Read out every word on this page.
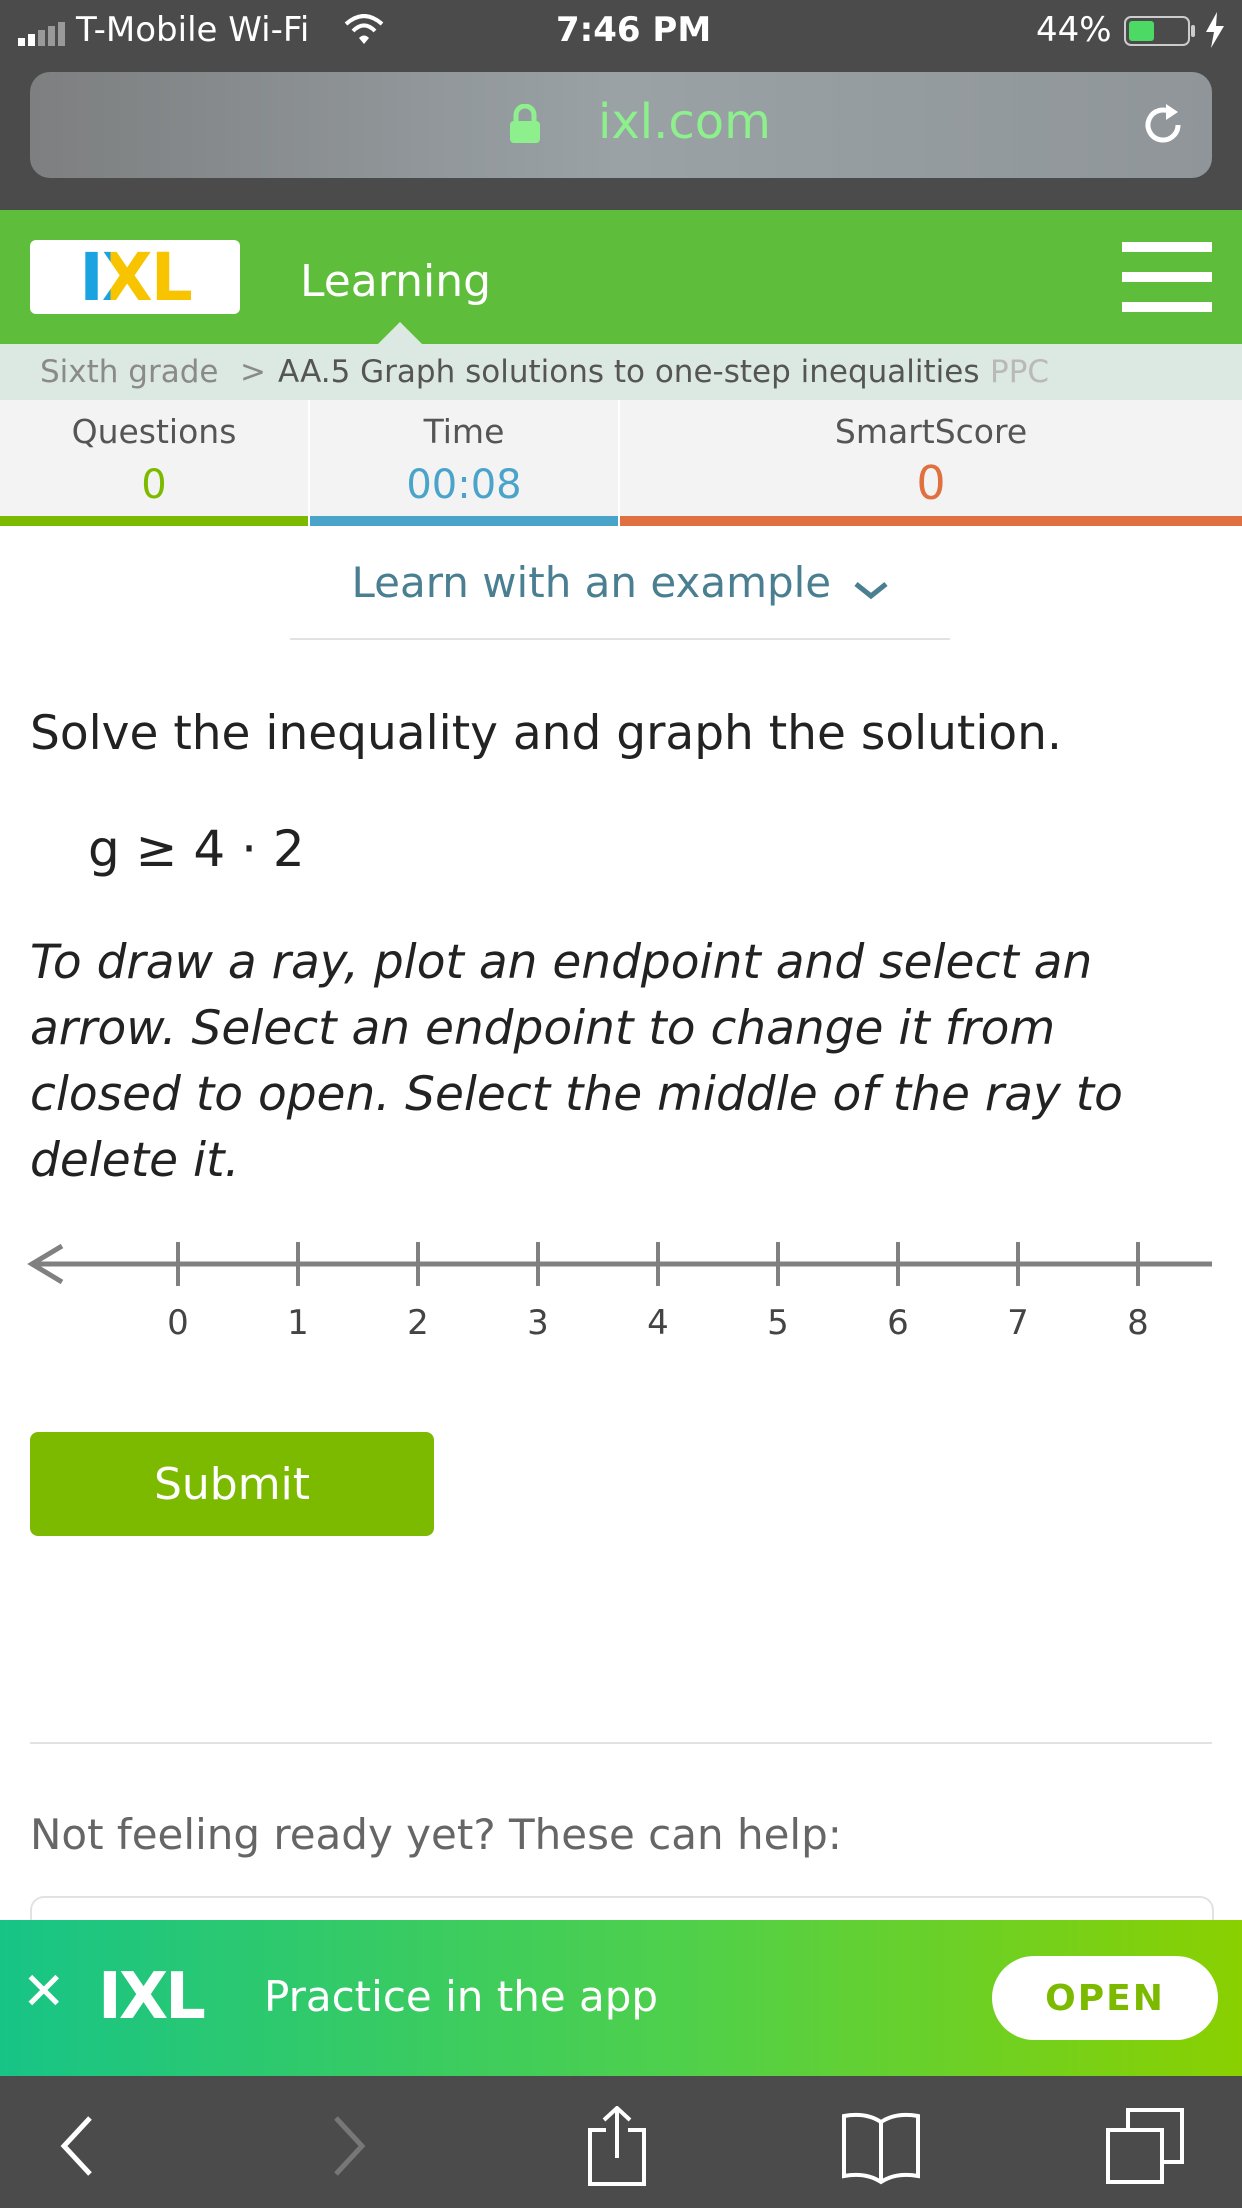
T-Mobile Wi-Fi	7:46 PM	44%
ixl.com
IXL Learning
Sixth grade > AA.5 Graph solutions to one-step inequalities PPC
Questions
0
Time
00:08
SmartScore
0
Learn with an example
Solve the inequality and graph the solution.
g ≥ 4 · 2
To draw a ray, plot an endpoint and select an arrow. Select an endpoint to change it from closed to open. Select the middle of the ray to delete it.
0	1	2	3	4	5	6	7	8
Submit
Not feeling ready yet? These can help:
✕ IXL Practice in the app	OPEN
